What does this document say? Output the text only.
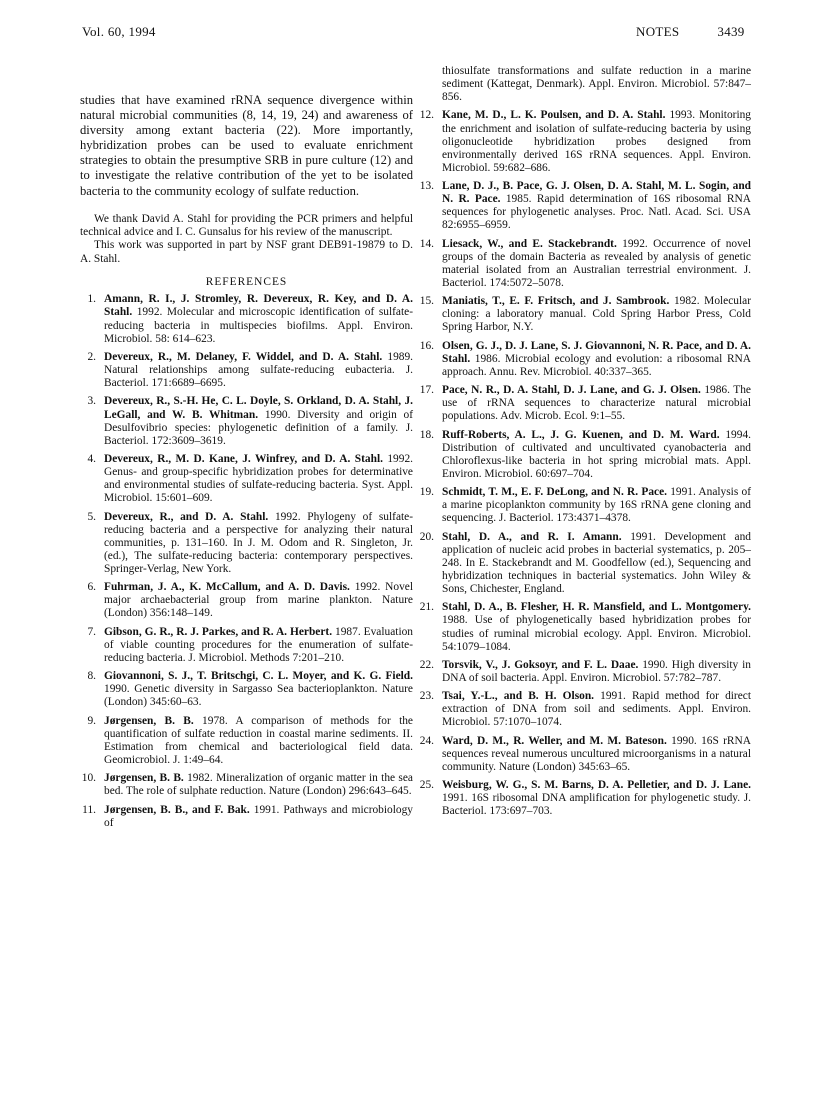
Vol. 60, 1994	NOTES	3439

studies that have examined rRNA sequence divergence within natural microbial communities (8, 14, 19, 24) and awareness of diversity among extant bacteria (22). More importantly, hybridization probes can be used to evaluate enrichment strategies to obtain the presumptive SRB in pure culture (12) and to investigate the relative contribution of the yet to be isolated bacteria to the community ecology of sulfate reduction.

We thank David A. Stahl for providing the PCR primers and helpful technical advice and I. C. Gunsalus for his review of the manuscript.

This work was supported in part by NSF grant DEB91-19879 to D. A. Stahl.

REFERENCES
1. Amann, R. I., J. Stromley, R. Devereux, R. Key, and D. A. Stahl. 1992. Molecular and microscopic identification of sulfate-reducing bacteria in multispecies biofilms. Appl. Environ. Microbiol. 58: 614–623.
2. Devereux, R., M. Delaney, F. Widdel, and D. A. Stahl. 1989. Natural relationships among sulfate-reducing eubacteria. J. Bacteriol. 171:6689–6695.
3. Devereux, R., S.-H. He, C. L. Doyle, S. Orkland, D. A. Stahl, J. LeGall, and W. B. Whitman. 1990. Diversity and origin of Desulfovibrio species: phylogenetic definition of a family. J. Bacteriol. 172:3609–3619.
4. Devereux, R., M. D. Kane, J. Winfrey, and D. A. Stahl. 1992. Genus- and group-specific hybridization probes for determinative and environmental studies of sulfate-reducing bacteria. Syst. Appl. Microbiol. 15:601–609.
5. Devereux, R., and D. A. Stahl. 1992. Phylogeny of sulfate-reducing bacteria and a perspective for analyzing their natural communities, p. 131–160. In J. M. Odom and R. Singleton, Jr. (ed.), The sulfate-reducing bacteria: contemporary perspectives. Springer-Verlag, New York.
6. Fuhrman, J. A., K. McCallum, and A. D. Davis. 1992. Novel major archaebacterial group from marine plankton. Nature (London) 356:148–149.
7. Gibson, G. R., R. J. Parkes, and R. A. Herbert. 1987. Evaluation of viable counting procedures for the enumeration of sulfate-reducing bacteria. J. Microbiol. Methods 7:201–210.
8. Giovannoni, S. J., T. Britschgi, C. L. Moyer, and K. G. Field. 1990. Genetic diversity in Sargasso Sea bacterioplankton. Nature (London) 345:60–63.
9. Jørgensen, B. B. 1978. A comparison of methods for the quantification of sulfate reduction in coastal marine sediments. II. Estimation from chemical and bacteriological field data. Geomicrobiol. J. 1:49–64.
10. Jørgensen, B. B. 1982. Mineralization of organic matter in the sea bed. The role of sulphate reduction. Nature (London) 296:643–645.
11. Jørgensen, B. B., and F. Bak. 1991. Pathways and microbiology of
thiosulfate transformations and sulfate reduction in a marine sediment (Kattegat, Denmark). Appl. Environ. Microbiol. 57:847–856.
12. Kane, M. D., L. K. Poulsen, and D. A. Stahl. 1993. Monitoring the enrichment and isolation of sulfate-reducing bacteria by using oligonucleotide hybridization probes designed from environmentally derived 16S rRNA sequences. Appl. Environ. Microbiol. 59:682–686.
13. Lane, D. J., B. Pace, G. J. Olsen, D. A. Stahl, M. L. Sogin, and N. R. Pace. 1985. Rapid determination of 16S ribosomal RNA sequences for phylogenetic analyses. Proc. Natl. Acad. Sci. USA 82:6955–6959.
14. Liesack, W., and E. Stackebrandt. 1992. Occurrence of novel groups of the domain Bacteria as revealed by analysis of genetic material isolated from an Australian terrestrial environment. J. Bacteriol. 174:5072–5078.
15. Maniatis, T., E. F. Fritsch, and J. Sambrook. 1982. Molecular cloning: a laboratory manual. Cold Spring Harbor Press, Cold Spring Harbor, N.Y.
16. Olsen, G. J., D. J. Lane, S. J. Giovannoni, N. R. Pace, and D. A. Stahl. 1986. Microbial ecology and evolution: a ribosomal RNA approach. Annu. Rev. Microbiol. 40:337–365.
17. Pace, N. R., D. A. Stahl, D. J. Lane, and G. J. Olsen. 1986. The use of rRNA sequences to characterize natural microbial populations. Adv. Microb. Ecol. 9:1–55.
18. Ruff-Roberts, A. L., J. G. Kuenen, and D. M. Ward. 1994. Distribution of cultivated and uncultivated cyanobacteria and Chloroflexus-like bacteria in hot spring microbial mats. Appl. Environ. Microbiol. 60:697–704.
19. Schmidt, T. M., E. F. DeLong, and N. R. Pace. 1991. Analysis of a marine picoplankton community by 16S rRNA gene cloning and sequencing. J. Bacteriol. 173:4371–4378.
20. Stahl, D. A., and R. I. Amann. 1991. Development and application of nucleic acid probes in bacterial systematics, p. 205–248. In E. Stackebrandt and M. Goodfellow (ed.), Sequencing and hybridization techniques in bacterial systematics. John Wiley & Sons, Chichester, England.
21. Stahl, D. A., B. Flesher, H. R. Mansfield, and L. Montgomery. 1988. Use of phylogenetically based hybridization probes for studies of ruminal microbial ecology. Appl. Environ. Microbiol. 54:1079–1084.
22. Torsvik, V., J. Goksoyr, and F. L. Daae. 1990. High diversity in DNA of soil bacteria. Appl. Environ. Microbiol. 57:782–787.
23. Tsai, Y.-L., and B. H. Olson. 1991. Rapid method for direct extraction of DNA from soil and sediments. Appl. Environ. Microbiol. 57:1070–1074.
24. Ward, D. M., R. Weller, and M. M. Bateson. 1990. 16S rRNA sequences reveal numerous uncultured microorganisms in a natural community. Nature (London) 345:63–65.
25. Weisburg, W. G., S. M. Barns, D. A. Pelletier, and D. J. Lane. 1991. 16S ribosomal DNA amplification for phylogenetic study. J. Bacteriol. 173:697–703.
